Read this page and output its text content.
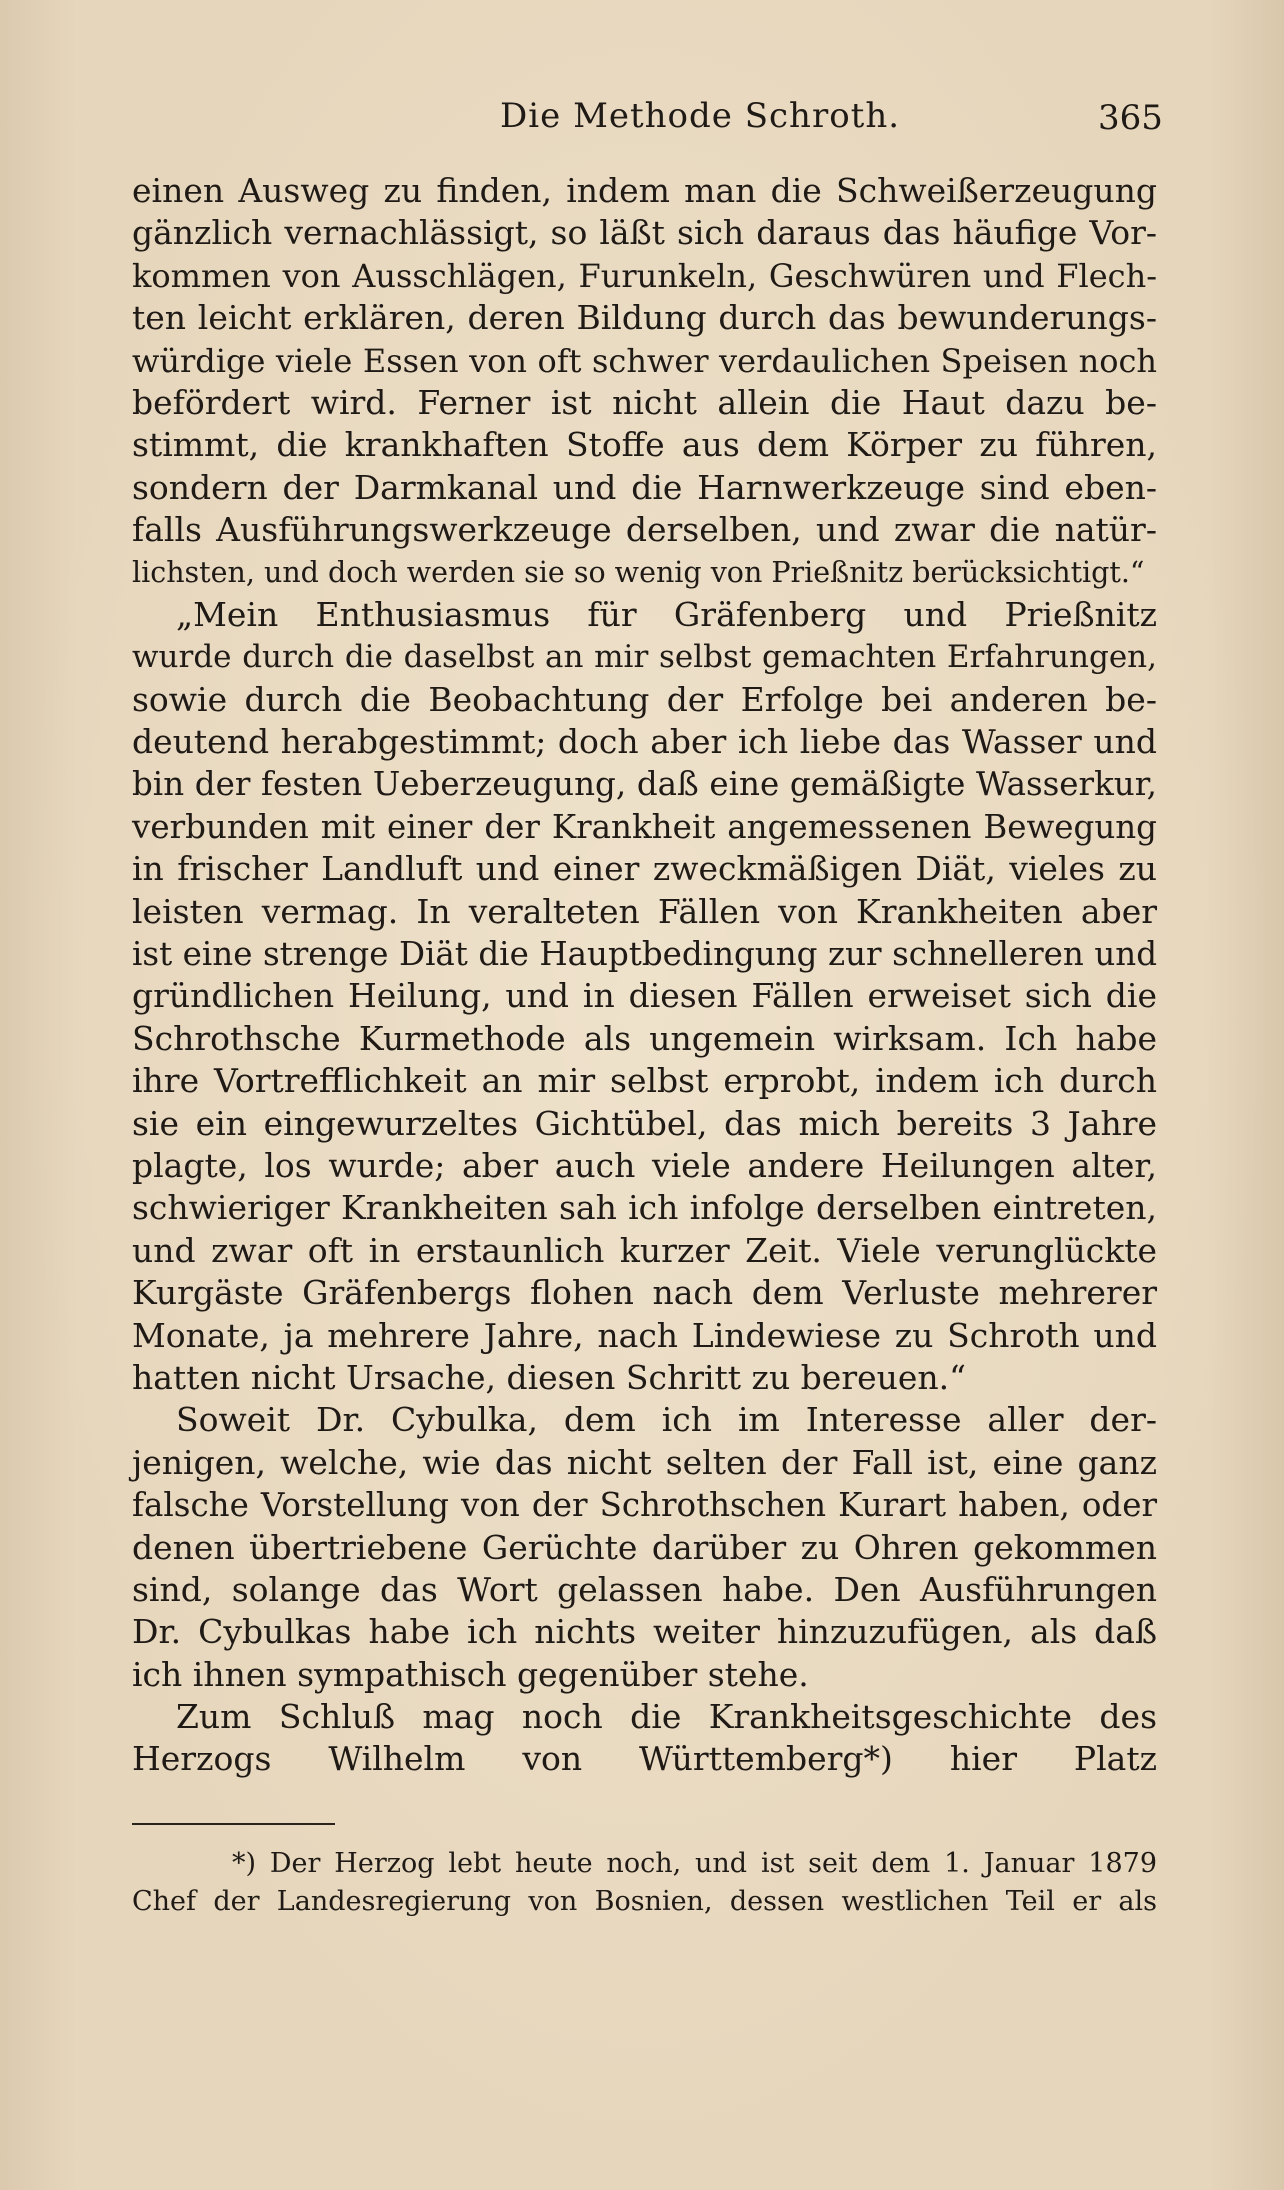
Die Methode Schroth.	365
einen Ausweg zu finden, indem man die Schweißerzeugung
gänzlich vernachlässigt, so läßt sich daraus das häufige Vor-
kommen von Ausschlägen, Furunkeln, Geschwüren und Flech-
ten leicht erklären, deren Bildung durch das bewunderungs-
würdige viele Essen von oft schwer verdaulichen Speisen noch
befördert wird. Ferner ist nicht allein die Haut dazu be-
stimmt, die krankhaften Stoffe aus dem Körper zu führen,
sondern der Darmkanal und die Harnwerkzeuge sind eben-
falls Ausführungswerkzeuge derselben, und zwar die natür-
lichsten, und doch werden sie so wenig von Prießnitz berücksichtigt.“
„Mein Enthusiasmus für Gräfenberg und Prießnitz
wurde durch die daselbst an mir selbst gemachten Erfahrungen,
sowie durch die Beobachtung der Erfolge bei anderen be-
deutend herabgestimmt; doch aber ich liebe das Wasser und
bin der festen Ueberzeugung, daß eine gemäßigte Wasserkur,
verbunden mit einer der Krankheit angemessenen Bewegung
in frischer Landluft und einer zweckmäßigen Diät, vieles zu
leisten vermag. In veralteten Fällen von Krankheiten aber
ist eine strenge Diät die Hauptbedingung zur schnelleren und
gründlichen Heilung, und in diesen Fällen erweiset sich die
Schrothsche Kurmethode als ungemein wirksam. Ich habe
ihre Vortrefflichkeit an mir selbst erprobt, indem ich durch
sie ein eingewurzeltes Gichtübel, das mich bereits 3 Jahre
plagte, los wurde; aber auch viele andere Heilungen alter,
schwieriger Krankheiten sah ich infolge derselben eintreten,
und zwar oft in erstaunlich kurzer Zeit. Viele verunglückte
Kurgäste Gräfenbergs flohen nach dem Verluste mehrerer
Monate, ja mehrere Jahre, nach Lindewiese zu Schroth und
hatten nicht Ursache, diesen Schritt zu bereuen.“
Soweit Dr. Cybulka, dem ich im Interesse aller der-
jenigen, welche, wie das nicht selten der Fall ist, eine ganz
falsche Vorstellung von der Schrothschen Kurart haben, oder
denen übertriebene Gerüchte darüber zu Ohren gekommen
sind, solange das Wort gelassen habe. Den Ausführungen
Dr. Cybulkas habe ich nichts weiter hinzuzufügen, als daß
ich ihnen sympathisch gegenüber stehe.
Zum Schluß mag noch die Krankheitsgeschichte des
Herzogs Wilhelm von Württemberg*) hier Platz
*) Der Herzog lebt heute noch, und ist seit dem 1. Januar 1879
Chef der Landesregierung von Bosnien, dessen westlichen Teil er als
